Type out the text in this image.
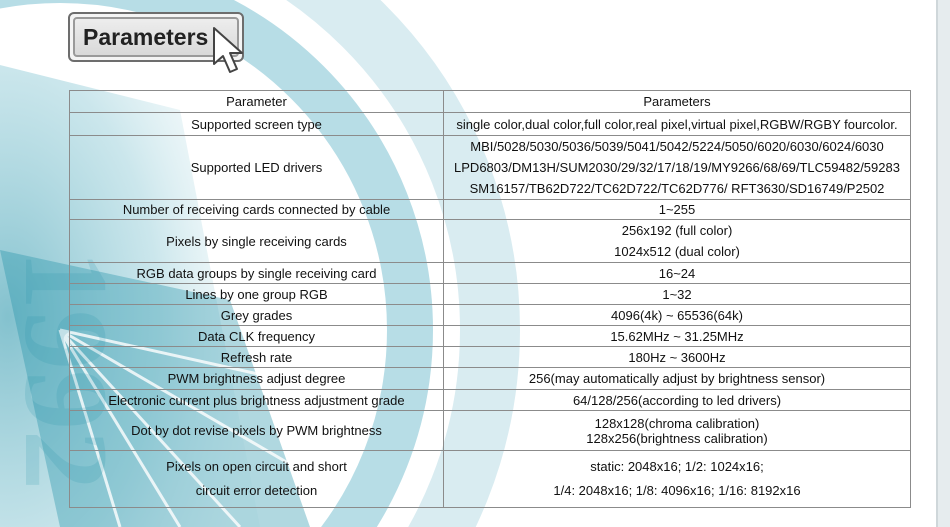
1992
Parameters
Parameter	Parameters
Supported screen type	single color,dual color,full color,real pixel,virtual pixel,RGBW/RGBY fourcolor.
Supported LED drivers	MBI/5028/5030/5036/5039/5041/5042/5224/5050/6020/6030/6024/6030
LPD6803/DM13H/SUM2030/29/32/17/18/19/MY9266/68/69/TLC59482/59283
SM16157/TB62D722/TC62D722/TC62D776/ RFT3630/SD16749/P2502

Number of receiving cards connected by cable	1~255
Pixels by single receiving cards	256x192 (full color)
1024x512 (dual color)

RGB data groups by single receiving card	16~24
Lines by one group RGB	1~32
Grey grades	4096(4k) ~ 65536(64k)
Data CLK frequency	15.62MHz ~ 31.25MHz
Refresh rate	180Hz ~ 3600Hz
PWM brightness adjust degree	256(may automatically adjust by brightness sensor)
Electronic current plus brightness adjustment grade	64/128/256(according to led drivers)
Dot by dot revise pixels by PWM brightness	128x128(chroma calibration)
128x256(brightness calibration)

Pixels on open circuit and short
circuit error detection	static: 2048x16; 1/2: 1024x16;
1/4: 2048x16; 1/8: 4096x16; 1/16: 8192x16
